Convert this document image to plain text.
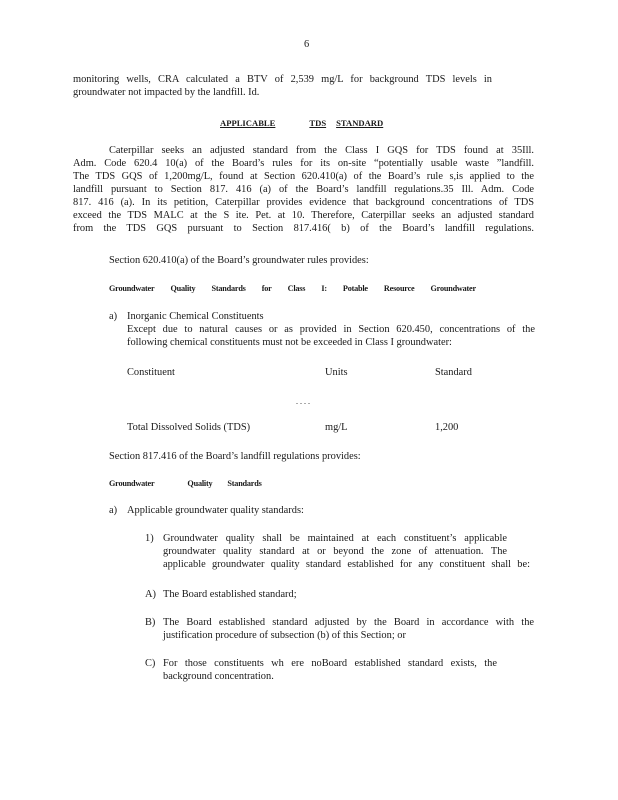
6
monitoring wells, CRA calculated a BTV of 2,539 mg/L for background TDS levels in
groundwater not impacted by the landfill. Id.
APPLICABLE	TDS STANDARD
Caterpillar seeks an adjusted standard from the Class I GQS for TDS found at 35Ill.
Adm. Code 620.4 10(a) of the Board’s rules for its on-site “potentially usable waste ”landfill.
The TDS GQS of 1,200mg/L, found at Section 620.410(a) of the Board’s rule s,is applied to the
landfill pursuant to Section 817. 416 (a) of the Board’s landfill regulations.35 Ill. Adm. Code
817. 416 (a). In its petition, Caterpillar provides evidence that background concentrations of TDS
exceed the TDS MALC at the S ite. Pet. at 10. Therefore, Caterpillar seeks an adjusted standard
from the TDS GQS pursuant to Section 817.416( b) of the Board’s landfill regulations.
Section 620.410(a) of the Board’s groundwater rules provides:
Groundwater Quality Standards for Class I: Potable Resource Groundwater
a) Inorganic Chemical Constituents
Except due to natural causes or as provided in Section 620.450, concentrations of the
following chemical constituents must not be exceeded in Class I groundwater:
Constituent	Units	Standard
. . . .
Total Dissolved Solids (TDS)	mg/L	1,200
Section 817.416 of the Board’s landfill regulations provides:
Groundwater	Quality Standards
a) Applicable groundwater quality standards:
1) Groundwater quality shall be maintained at each constituent’s applicable
groundwater quality standard at or beyond the zone of attenuation. The
applicable groundwater quality standard established for any constituent shall be:
A) The Board established standard;
B) The Board established standard adjusted by the Board in accordance with the
justification procedure of subsection (b) of this Section; or
C) For those constituents wh ere noBoard established standard exists, the
background concentration.
